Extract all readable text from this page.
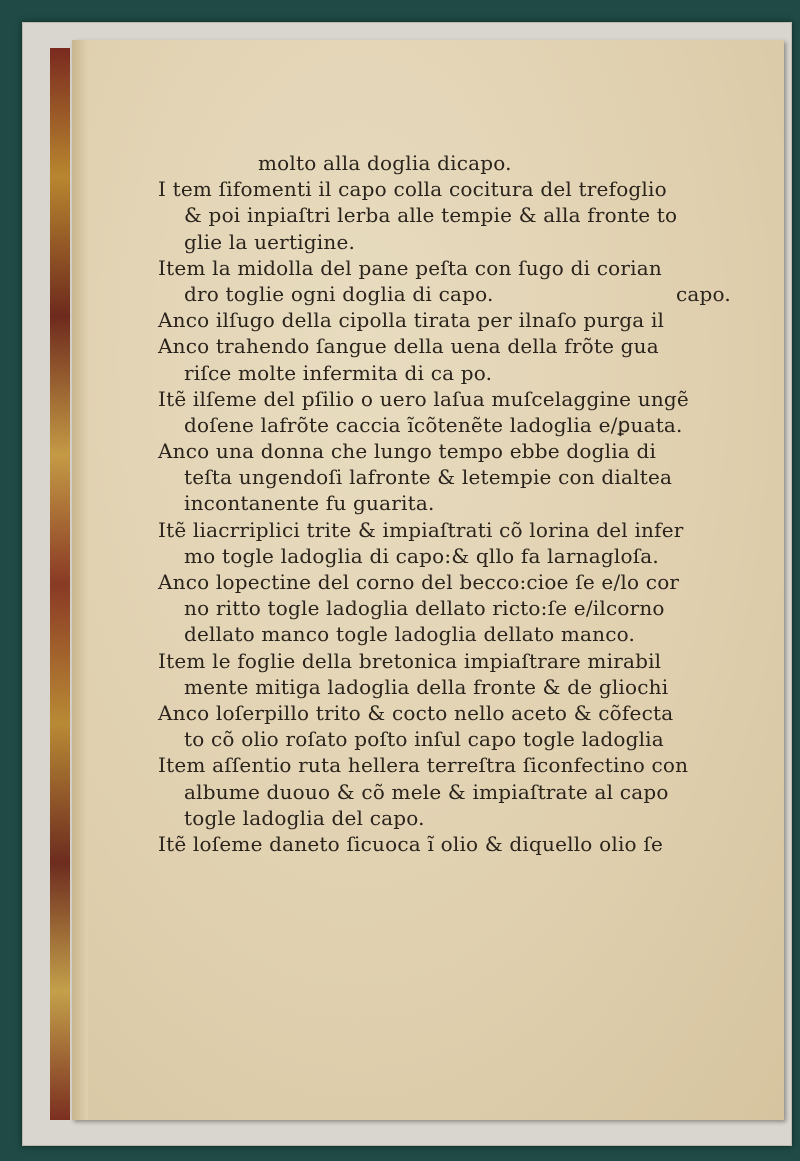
molto alla doglia dicapo.
I tem ſifomenti il capo colla cocitura del trefoglio
& poi inpiaſtri lerba alle tempie & alla fronte to
glie la uertigine.
Item la midolla del pane peſta con ſugo di corian
dro toglie ogni doglia di capo.	capo.
Anco ilſugo della cipolla tirata per ilnaſo purga il
Anco trahendo ſangue della uena della frõte gua
riſce molte infermita di ca po.
Itẽ ilſeme del pſilio o uero laſua muſcelaggine ungẽ
doſene lafrõte caccia ĩcõtenẽte ladoglia e/ꝑuata.
Anco una donna che lungo tempo ebbe doglia di
teſta ungendoſi lafronte & letempie con dialtea
incontanente fu guarita.
Itẽ liacrriplici trite & impiaſtrati cõ lorina del infer
mo togle ladoglia di capo:& qllo fa larnagloſa.
Anco lopectine del corno del becco:cioe ſe e/lo cor
no ritto togle ladoglia dellato ricto:ſe e/ilcorno
dellato manco togle ladoglia dellato manco.
Item le foglie della bretonica impiaſtrare mirabil
mente mitiga ladoglia della fronte & de gliochi
Anco loſerpillo trito & cocto nello aceto & cõfecta
to cõ olio roſato poſto inſul capo togle ladoglia
Item aſſentio ruta hellera terreſtra ſiconfectino con
albume duouo & cõ mele & impiaſtrate al capo
togle ladoglia del capo.
Itẽ loſeme daneto ſicuoca ĩ olio & diquello olio ſe
